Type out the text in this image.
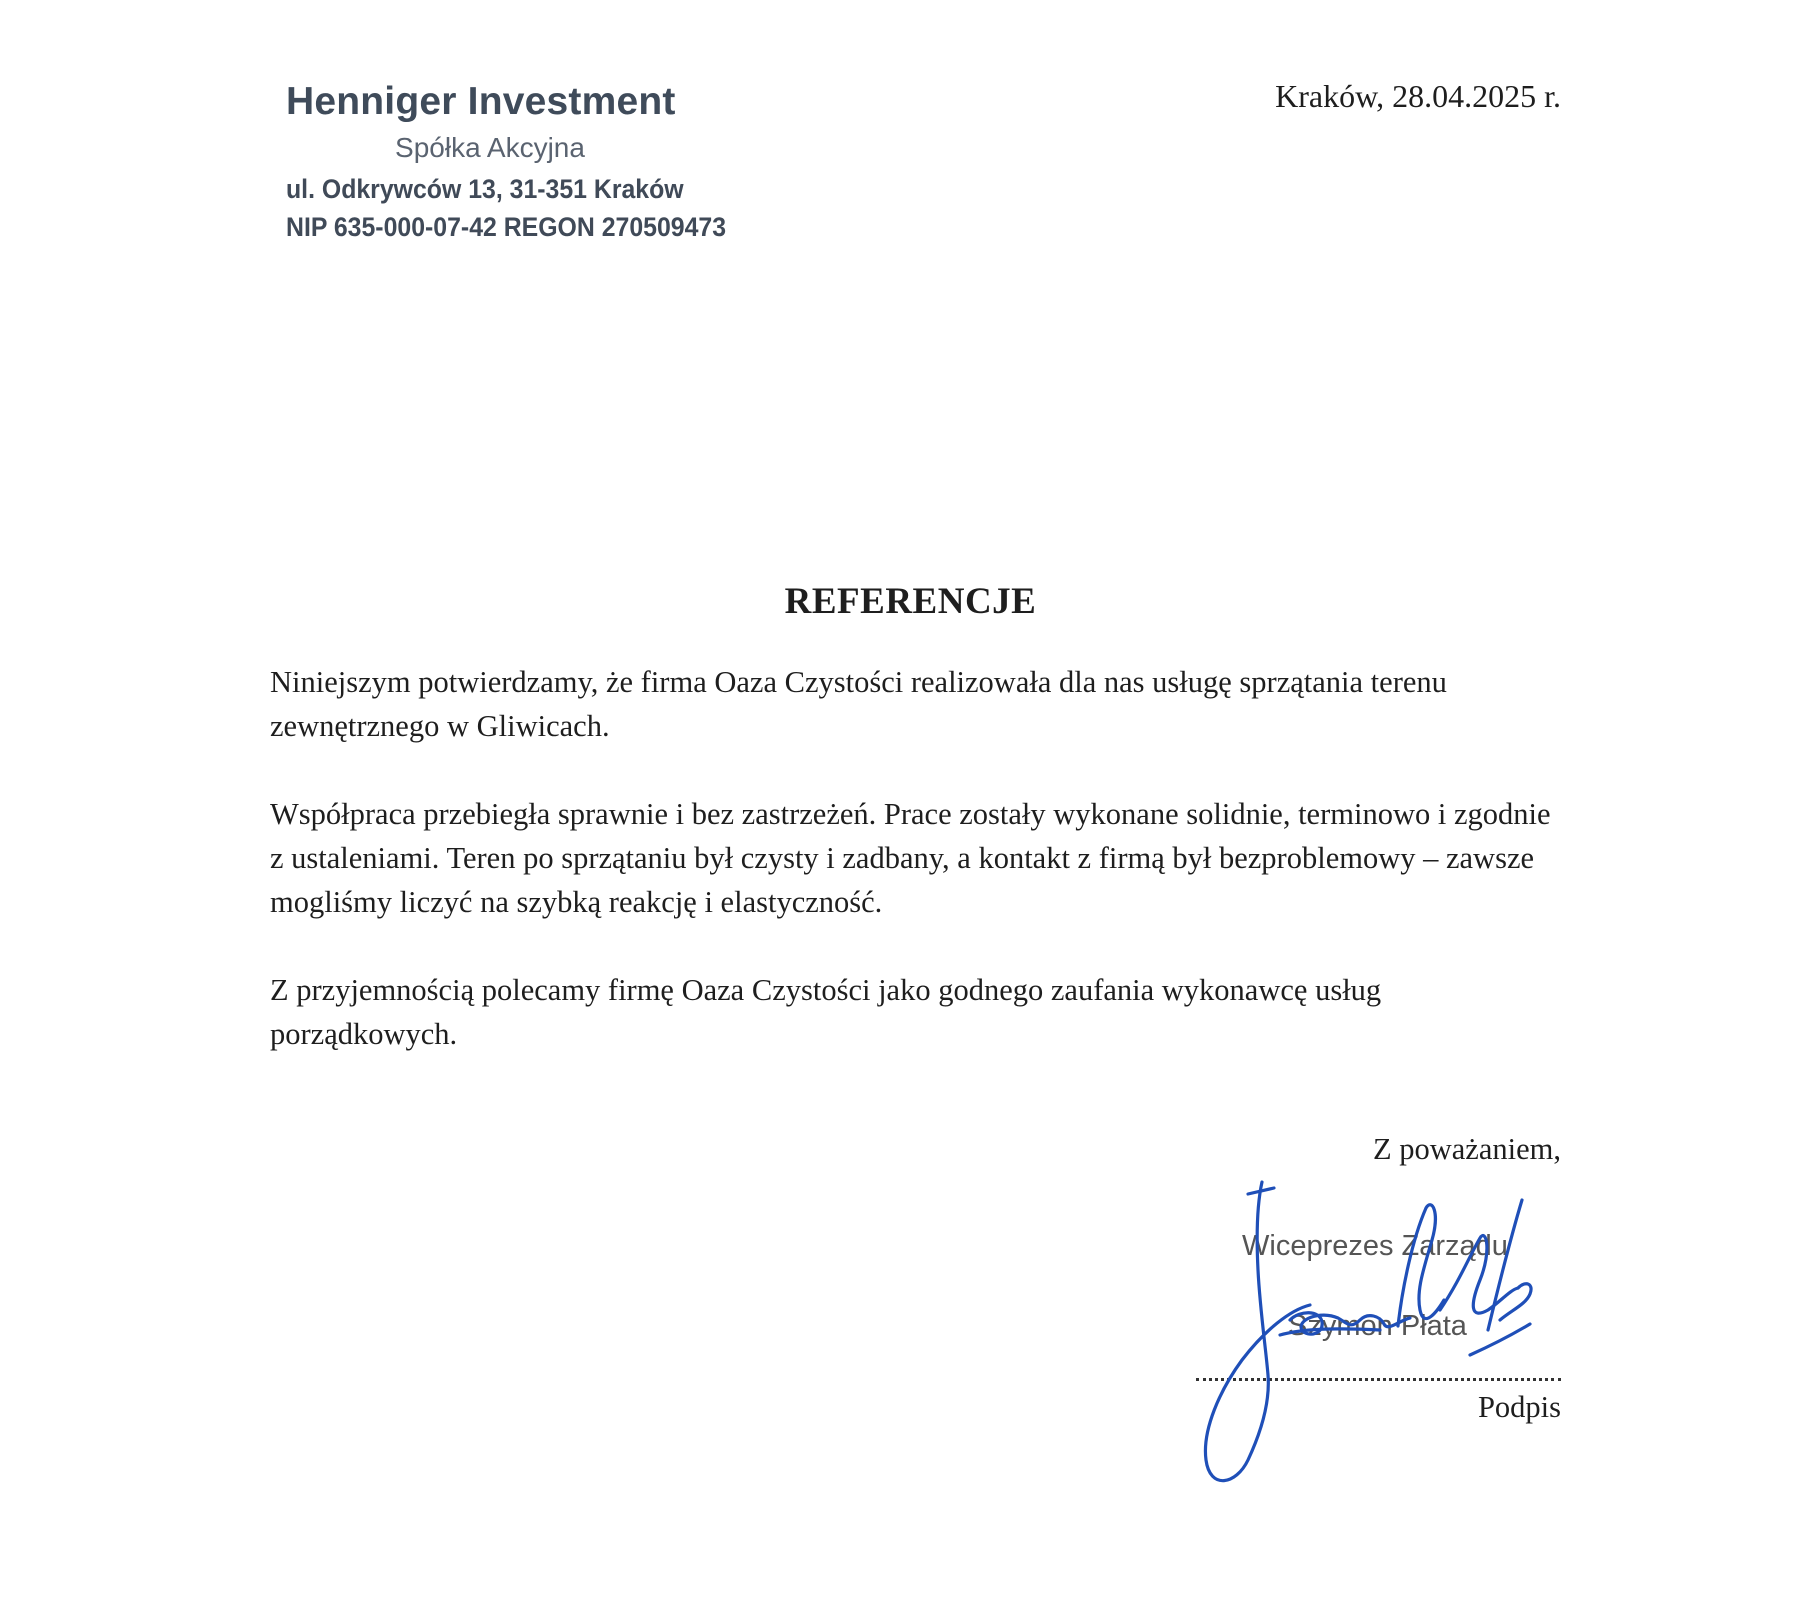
Henniger Investment
Spółka Akcyjna
ul. Odkrywców 13, 31-351 Kraków
NIP 635-000-07-42 REGON 270509473
Kraków, 28.04.2025 r.
REFERENCJE

Niniejszym potwierdzamy, że firma Oaza Czystości realizowała dla nas usługę sprzątania terenu zewnętrznego w Gliwicach.

Współpraca przebiegła sprawnie i bez zastrzeżeń. Prace zostały wykonane solidnie, terminowo i zgodnie z ustaleniami. Teren po sprzątaniu był czysty i zadbany, a kontakt z firmą był bezproblemowy – zawsze mogliśmy liczyć na szybką reakcję i elastyczność.

Z przyjemnością polecamy firmę Oaza Czystości jako godnego zaufania wykonawcę usług porządkowych.

Z poważaniem,
Wiceprezes Zarządu
Szymon Płata
Podpis
